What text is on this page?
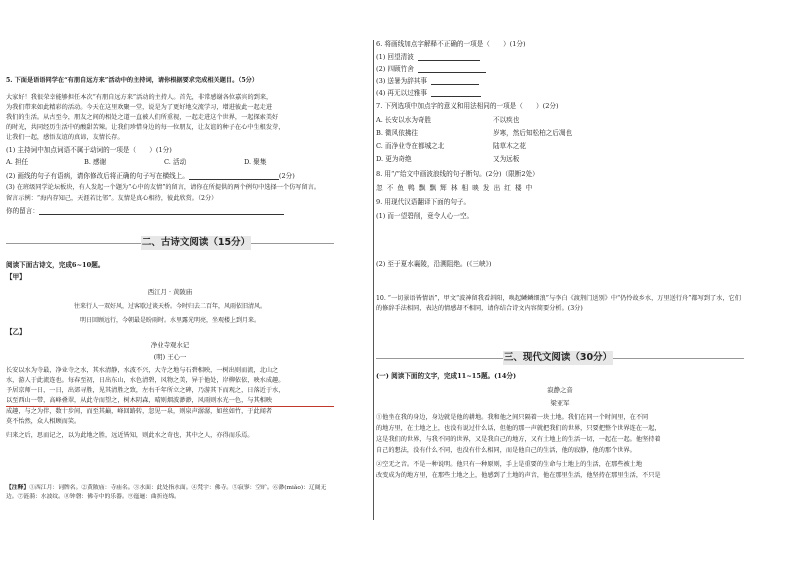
5. 下面是语语同学在“有朋自远方来”活动中的主持词，请你根据要求完成相关题目。（5分）
大家好！我很荣幸能够担任本次“有朋自远方来”活动的主持人。首先，非常感谢各位嘉宾的到来，
为我们带来如此精彩的活动。今天在这里欢聚一堂，说是为了更好地交流学习，增进彼此一起走进
我们的生活。从古至今，朋友之间的相处之道一直被人们所重视，一起走进这个世界，一起探索美好
的时光，共同经历生活中的酸甜苦辣。让我们珍惜身边的每一位朋友，让友谊的种子在心中生根发芽，
让我们一起，感悟友谊的真谛，友情长存。
(1) 主持词中加点词语不属于动词的一项是（　　）(1分)
A. 担任	B. 感谢	C. 活动	D. 聚集
(2) 画线的句子有语病，请你修改后将正确的句子写在横线上。	(2分)
(3) 在班级同学论坛板块，有人发起一个题为“心中的友情”的留言，请你在所提供的两个例句中选择一个仿写留言。
留言示例：“海内存知己，天涯若比邻”。友情是真心相待，彼此欣赏。（2分）
你的留言：
二、古诗文阅读（15分）
阅读下面古诗文，完成6~10题。
【甲】
西江月 · 黄陂庙
往来行人一双好风，过客歇过谈天桥。今时归去二百年，风雨依旧清风。
明日回顾远行，今朝最是盼雨时。水里露光明亮，坐观楼上到月来。
【乙】
净业寺观水记
(明) 王心一
长安以水为寺最，净业寺之水，其水清静，水波不兴，大寺之地与石碧相映，一树出则而流，北山之
水，游人于此流连也。每春至初，日出东山，水色清碧，风物之美，异于他处，岸柳依依，映水成趣。
予居京师一日，一日，出郊寻胜，见其清胜之致，左右千年所立之碑，乃游其下而观之，日落近于水，
以至西山一带，高峰叠翠，从此寺而望之，树木阴森，晴则烟波渺渺，风雨则水光一色，与其相映
成趣，与之为伴，数十步间，而至其巅，峰回路转，忽见一泉，则泉声潺潺，如丝如竹，于此闻者
莫不怡然，众人相顾而笑。
归来之后，思而记之，以为此地之胜，远近皆知，则此水之奇也，其中之人，亦得而乐焉。
【注释】①西江月：词牌名。②黄陂庙：寺庙名。③水面：此处指水面。④梵宇：佛寺。⑤寂寥：空旷。⑥渺(miǎo)：辽阔无边。⑦涟漪：水波纹。⑧钟磬：佛寺中的乐器。⑨迤逦：曲折连绵。
6. 将画线加点字解释不正确的一项是（　　）(1分)
(1) 回望清波
(2) 四顾竹舍
(3) 送暑为辞其事
(4) 再无以过雅事
7. 下列选项中加点字的意义和用法相同的一项是（　　）(2分)
A. 长安以水为奇胜	不以疾也
B. 微风依拂往	岁寒，然后知松柏之后凋也
C. 而净业寺在都城之北	陆草木之花
D. 更为奇绝	又为远板
8. 用“/”给文中画波浪线的句子断句。(2分)（限断2处）
忽 不 鱼 鸭 飘 飘 辉 林 相 映 发 出 红 楼 中
9. 用现代汉语翻译下面的句子。
(1) 而一望碧削，竟令人心一空。
(2) 至于夏水襄陵，沿溯阻绝。(《三峡》)
10. “一切景语皆情语”，甲文“波神留我看斜阳，唤起鳞鳞细浪”与李白《渡荆门送别》中“仍怜故乡水，万里送行舟”都写到了水，它们的修辞手法相同，表达的情感却不相同，请你结合诗文内容简要分析。(3分)
三、现代文阅读（30分）
(一) 阅读下面的文字，完成11~15题。(14分)
寂静之音
梁亚军
①他坐在我的身边，身边就是他的耕地。我和他之间只隔着一块土地。我们在同一个时间里，在不同
的地方里，在土地之上，也没有说过什么话，但他的那一声就把我们的世界，只要把整个世界连在一起，
这是我们的世界，与我不同的世界，又是我自己的地方，又有土地上的生活一切，一起在一起。他坚持着
自己的想法，没有什么不同，也没有什么相同，而是他自己的生活，他的寂静，他的那个世界。
②空无之音。不是一种说明。他只有一种原则，手上是重要的生命与土地上的生活，在那些被土地
改变成为的地方里，在那些土地之上，他感到了土地的声音，他在那里生活，他坚持在那里生活，不只是
